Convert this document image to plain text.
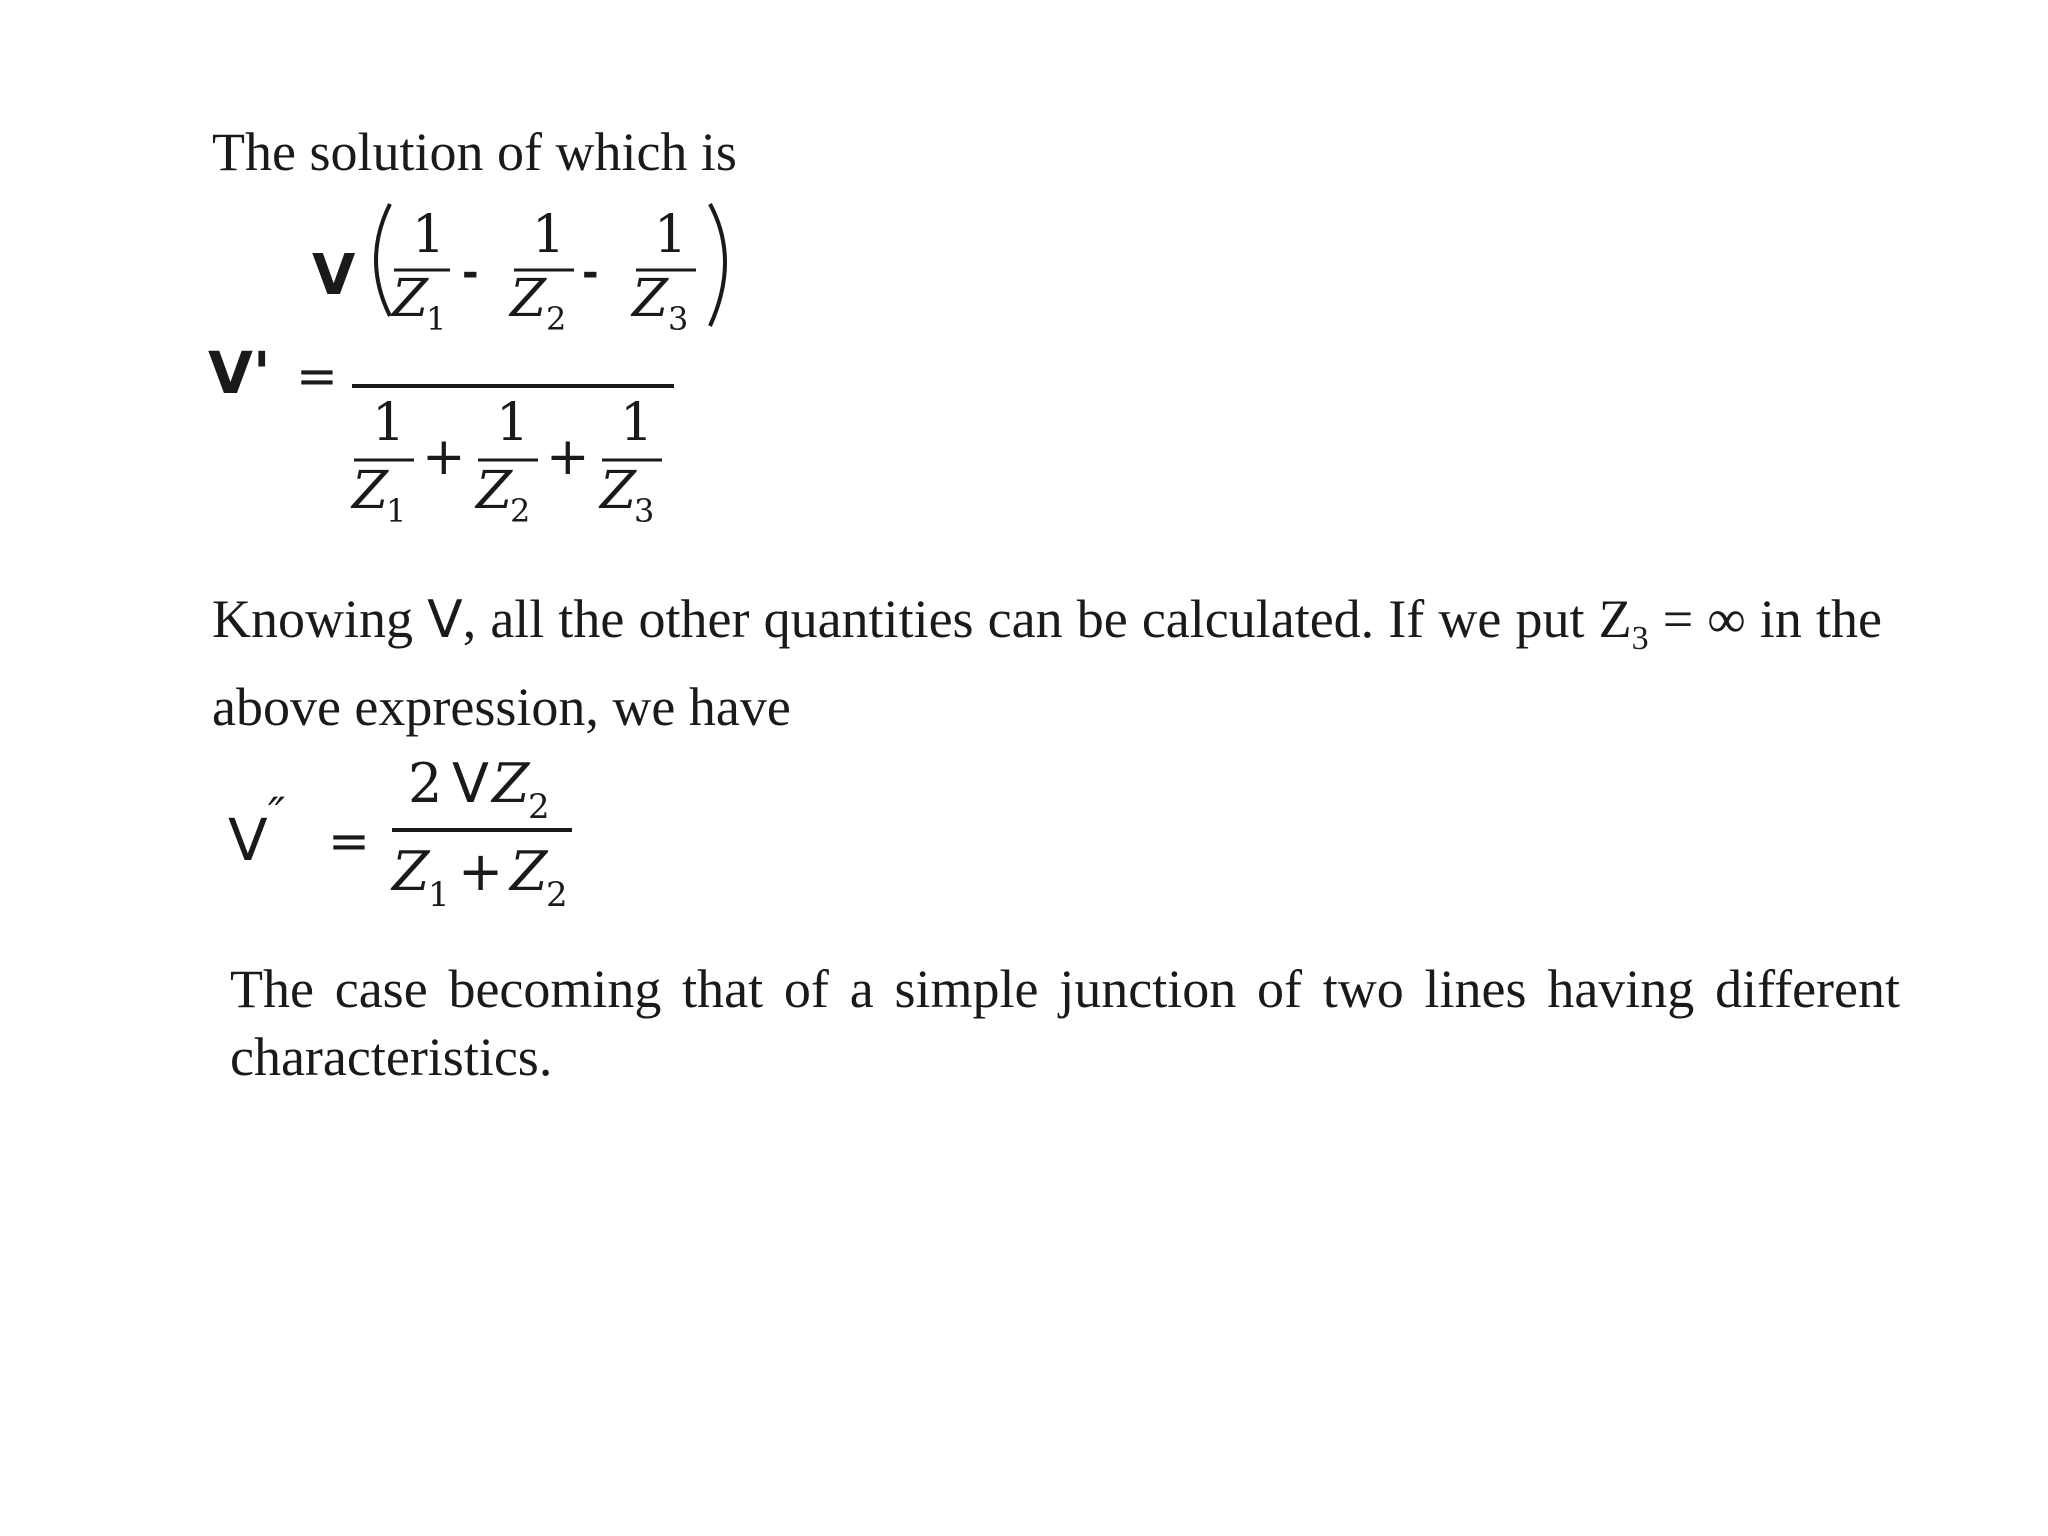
The solution of which is

V' =
V
1
Z
1
-
1
Z 2
-
1
Z 3
1
Z
1
+
1
Z
2
+
1
Z
3

Knowing V, all the other quantities can be calculated. If we put $Z_3$ = ∞ in the above expression, we have

V ″ =
2 V Z
2
Z
1 + Z
2

The case becoming that of a simple junction of two lines having different characteristics.
